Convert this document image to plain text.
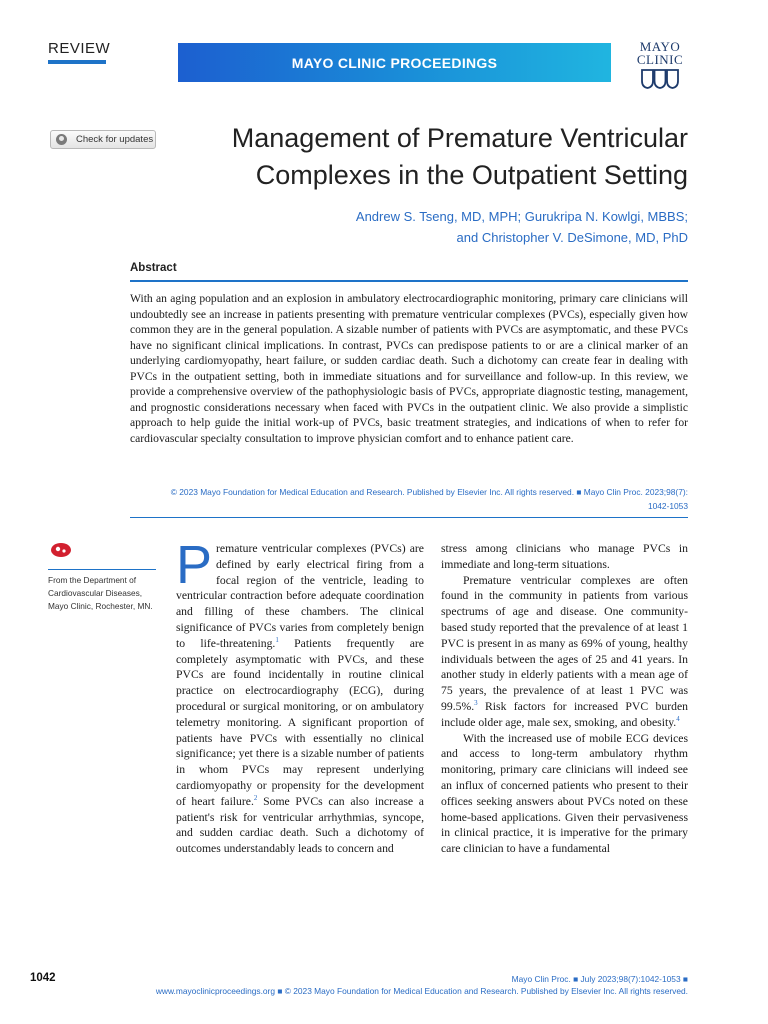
REVIEW
MAYO CLINIC PROCEEDINGS
MAYO
CLINIC
Check for updates	Management of Premature Ventricular
Complexes in the Outpatient Setting
Andrew S. Tseng, MD, MPH; Gurukripa N. Kowlgi, MBBS;
and Christopher V. DeSimone, MD, PhD
Abstract
With an aging population and an explosion in ambulatory electrocardiographic monitoring, primary care clinicians will undoubtedly see an increase in patients presenting with premature ventricular complexes (PVCs), especially given how common they are in the general population. A sizable number of patients with PVCs are asymptomatic, and these PVCs have no significant clinical implications. In contrast, PVCs can predispose patients to or are a clinical marker of an underlying cardiomyopathy, heart failure, or sudden cardiac death. Such a dichotomy can create fear in dealing with PVCs in the outpatient setting, both in immediate situations and for surveillance and follow-up. In this review, we provide a comprehensive overview of the pathophysiologic basis of PVCs, appropriate diagnostic testing, management, and prognostic considerations necessary when faced with PVCs in the outpatient clinic. We also provide a simplistic approach to help guide the initial work-up of PVCs, basic treatment strategies, and indications of when to refer for cardiovascular specialty consultation to improve physician comfort and to enhance patient care.
© 2023 Mayo Foundation for Medical Education and Research. Published by Elsevier Inc. All rights reserved. ■ Mayo Clin Proc. 2023;98(7):
1042-1053
From the Department of Cardiovascular Diseases, Mayo Clinic, Rochester, MN.

Premature ventricular complexes (PVCs) are defined by early electrical firing from a focal region of the ventricle, leading to ventricular contraction before adequate coordination and filling of these chambers. The clinical significance of PVCs varies from completely benign to life-threatening.$^1$ Patients frequently are completely asymptomatic with PVCs, and these PVCs are found incidentally in routine clinical practice on electrocardiography (ECG), during procedural or surgical monitoring, or on ambulatory telemetry monitoring. A significant proportion of patients have PVCs with essentially no clinical significance; yet there is a sizable number of patients in whom PVCs may represent underlying cardiomyopathy or propensity for the development of heart failure.$^2$ Some PVCs can also increase a patient's risk for ventricular arrhythmias, syncope, and sudden cardiac death. Such a dichotomy of outcomes understandably leads to concern and

stress among clinicians who manage PVCs in immediate and long-term situations.

Premature ventricular complexes are often found in the community in patients from various spectrums of age and disease. One community-based study reported that the prevalence of at least 1 PVC is present in as many as 69% of young, healthy individuals between the ages of 25 and 41 years. In another study in elderly patients with a mean age of 75 years, the prevalence of at least 1 PVC was 99.5%.$^3$ Risk factors for increased PVC burden include older age, male sex, smoking, and obesity.$^4$

With the increased use of mobile ECG devices and access to long-term ambulatory rhythm monitoring, primary care clinicians will indeed see an influx of concerned patients who present to their offices seeking answers about PVCs noted on these home-based applications. Given their pervasiveness in clinical practice, it is imperative for the primary care clinician to have a fundamental

1042	Mayo Clin Proc. ■ July 2023;98(7):1042-1053 ■
www.mayoclinicproceedings.org ■ © 2023 Mayo Foundation for Medical Education and Research. Published by Elsevier Inc. All rights reserved.
